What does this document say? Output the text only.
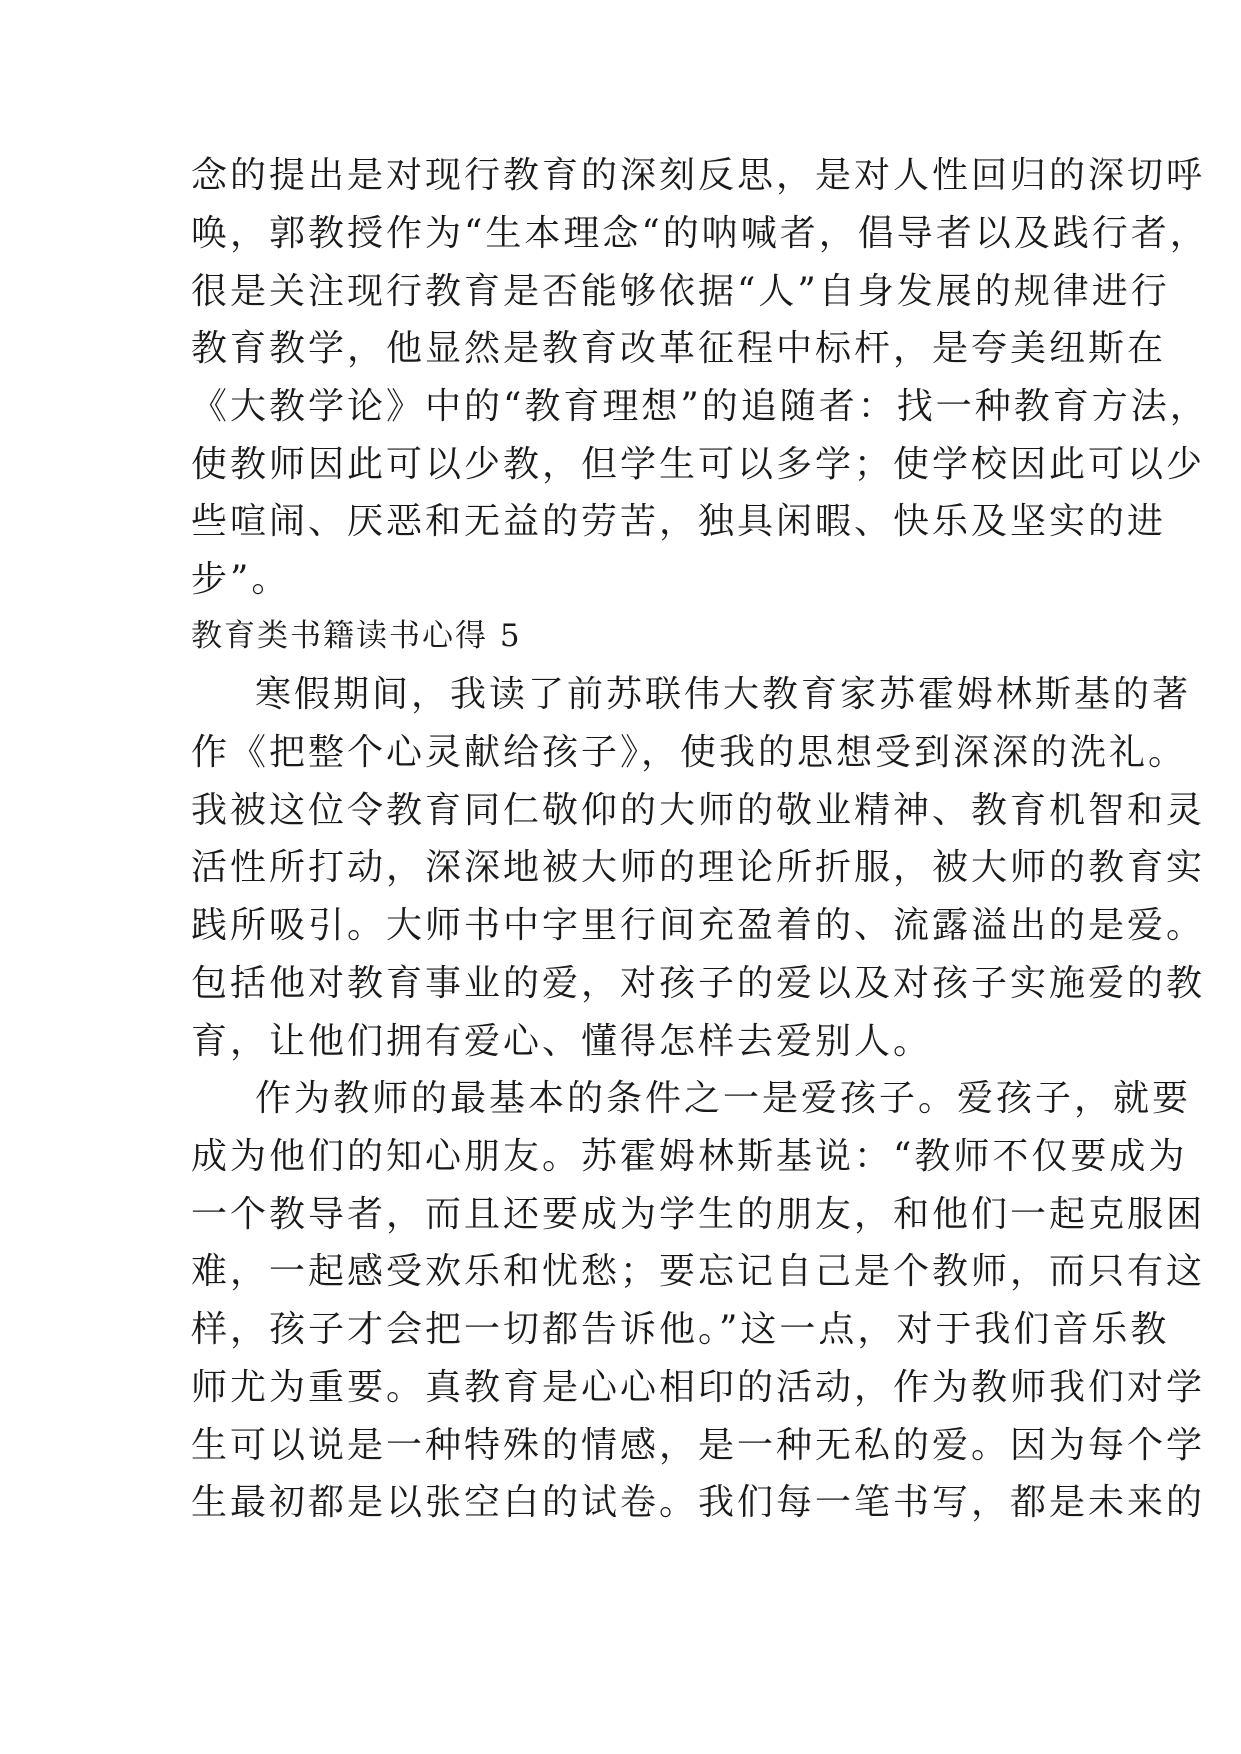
念的提出是对现行教育的深刻反思，是对人性回归的深切呼
唤，郭教授作为“生本理念“的呐喊者，倡导者以及践行者，
很是关注现行教育是否能够依据“人”自身发展的规律进行
教育教学，他显然是教育改革征程中标杆，是夸美纽斯在
《大教学论》中的“教育理想”的追随者：找一种教育方法，
使教师因此可以少教，但学生可以多学；使学校因此可以少
些喧闹、厌恶和无益的劳苦，独具闲暇、快乐及坚实的进
步”。
教育类书籍读书心得 5
寒假期间，我读了前苏联伟大教育家苏霍姆林斯基的著
作《把整个心灵献给孩子》，使我的思想受到深深的洗礼。
我被这位令教育同仁敬仰的大师的敬业精神、教育机智和灵
活性所打动，深深地被大师的理论所折服，被大师的教育实
践所吸引。大师书中字里行间充盈着的、流露溢出的是爱。
包括他对教育事业的爱，对孩子的爱以及对孩子实施爱的教
育，让他们拥有爱心、懂得怎样去爱别人。
作为教师的最基本的条件之一是爱孩子。爱孩子，就要
成为他们的知心朋友。苏霍姆林斯基说：“教师不仅要成为
一个教导者，而且还要成为学生的朋友，和他们一起克服困
难，一起感受欢乐和忧愁；要忘记自己是个教师，而只有这
样，孩子才会把一切都告诉他。”这一点，对于我们音乐教
师尤为重要。真教育是心心相印的活动，作为教师我们对学
生可以说是一种特殊的情感，是一种无私的爱。因为每个学
生最初都是以张空白的试卷。我们每一笔书写，都是未来的
